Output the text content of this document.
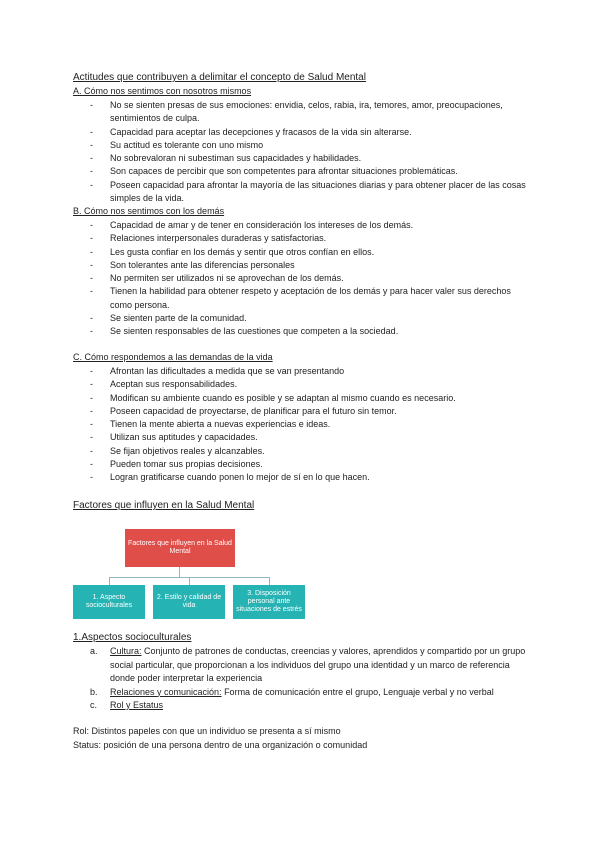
Actitudes que contribuyen a delimitar el concepto de Salud Mental
A. Cómo nos sentimos con nosotros mismos
- No se sienten presas de sus emociones: envidia, celos, rabia, ira, temores, amor, preocupaciones, sentimientos de culpa.
- Capacidad para aceptar las decepciones y fracasos de la vida sin alterarse.
- Su actitud es tolerante con uno mismo
- No sobrevaloran ni subestiman sus capacidades y habilidades.
- Son capaces de percibir que son competentes para afrontar situaciones problemáticas.
- Poseen capacidad para afrontar la mayoría de las situaciones diarias y para obtener placer de las cosas simples de la vida.
B. Cómo nos sentimos con los demás
- Capacidad de amar y de tener en consideración los intereses de los demás.
- Relaciones interpersonales duraderas y satisfactorias.
- Les gusta confiar en los demás y sentir que otros confían en ellos.
- Son tolerantes ante las diferencias personales
- No permiten ser utilizados ni se aprovechan de los demás.
- Tienen la habilidad para obtener respeto y aceptación de los demás y para hacer valer sus derechos como persona.
- Se sienten parte de la comunidad.
- Se sienten responsables de las cuestiones que competen a la sociedad.
C. Cómo respondemos a las demandas de la vida
- Afrontan las dificultades a medida que se van presentando
- Aceptan sus responsabilidades.
- Modifican su ambiente cuando es posible y se adaptan al mismo cuando es necesario.
- Poseen capacidad de proyectarse, de planificar para el futuro sin temor.
- Tienen la mente abierta a nuevas experiencias e ideas.
- Utilizan sus aptitudes y capacidades.
- Se fijan objetivos reales y alcanzables.
- Pueden tomar sus propias decisiones.
- Logran gratificarse cuando ponen lo mejor de sí en lo que hacen.
Factores que influyen en la Salud Mental
Factores que influyen en la Salud Mental
1. Aspecto socioculturales
2. Estilo y calidad de vida
3. Disposición personal ante situaciones de estrés
1.Aspectos socioculturales
a. Cultura: Conjunto de patrones de conductas, creencias y valores, aprendidos y compartido por un grupo social particular, que proporcionan a los individuos del grupo una identidad y un marco de referencia donde poder interpretar la experiencia
b. Relaciones y comunicación: Forma de comunicación entre el grupo, Lenguaje verbal y no verbal
c. Rol y Estatus
Rol: Distintos papeles con que un individuo se presenta a sí mismo
Status: posición de una persona dentro de una organización o comunidad
